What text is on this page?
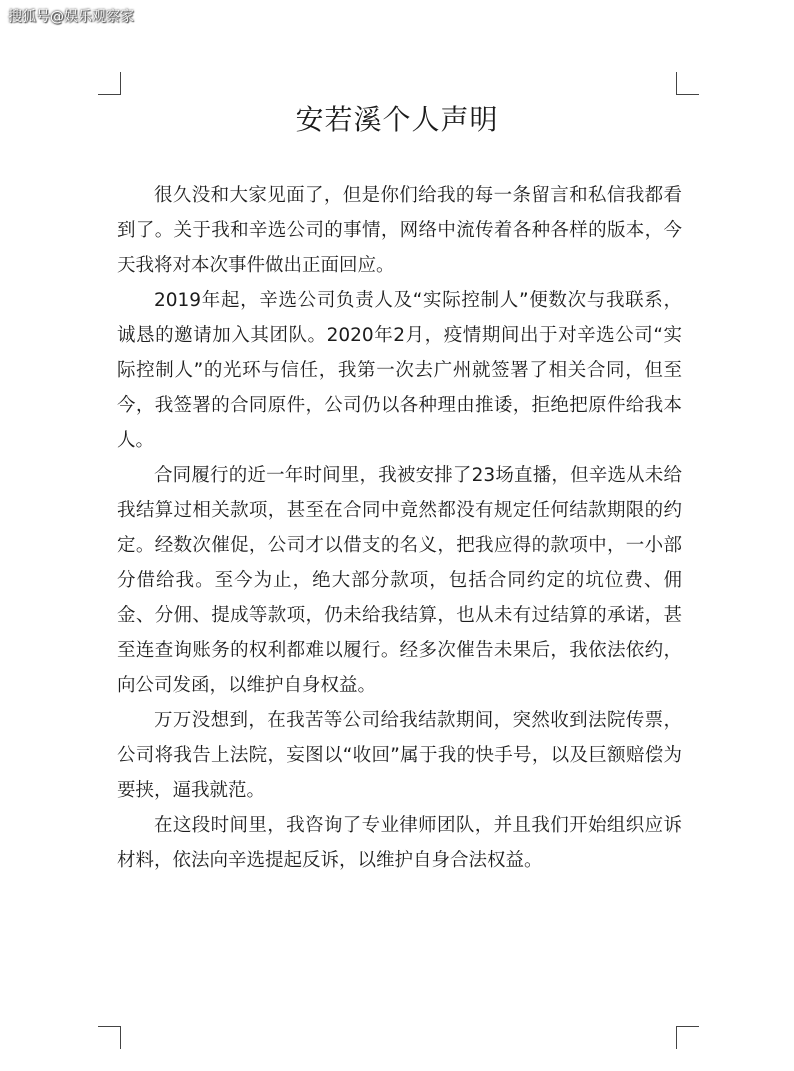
搜狐号@娱乐观察家
安若溪个人声明

很久没和大家见面了，但是你们给我的每一条留言和私信我都看到了。关于我和辛选公司的事情，网络中流传着各种各样的版本，今天我将对本次事件做出正面回应。

2019年起，辛选公司负责人及“实际控制人”便数次与我联系，诚恳的邀请加入其团队。2020年2月，疫情期间出于对辛选公司“实际控制人”的光环与信任，我第一次去广州就签署了相关合同，但至今，我签署的合同原件，公司仍以各种理由推诿，拒绝把原件给我本人。

合同履行的近一年时间里，我被安排了23场直播，但辛选从未给我结算过相关款项，甚至在合同中竟然都没有规定任何结款期限的约定。经数次催促，公司才以借支的名义，把我应得的款项中，一小部分借给我。至今为止，绝大部分款项，包括合同约定的坑位费、佣金、分佣、提成等款项，仍未给我结算，也从未有过结算的承诺，甚至连查询账务的权利都难以履行。经多次催告未果后，我依法依约，向公司发函，以维护自身权益。

万万没想到，在我苦等公司给我结款期间，突然收到法院传票，公司将我告上法院，妄图以“收回”属于我的快手号，以及巨额赔偿为要挟，逼我就范。

在这段时间里，我咨询了专业律师团队，并且我们开始组织应诉材料，依法向辛选提起反诉，以维护自身合法权益。
